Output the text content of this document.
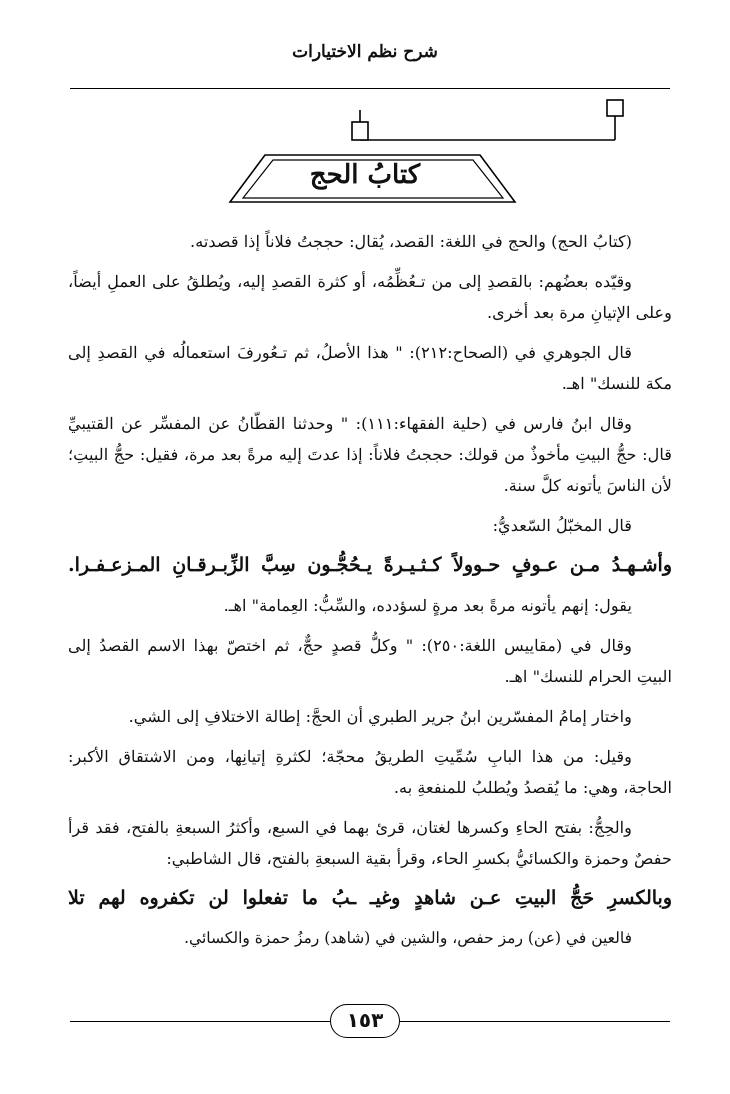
شرح نظم الاختيارات
كتابُ الحج

(كتابُ الحج) والحج في اللغة: القصد، يُقال: حججتُ فلاناً إذا قصدته.

وقيّده بعضُهم: بالقصدِ إلى من تـعُظِّمُه، أو كثرة القصدِ إليه، ويُطلقُ على العملِ أيضاً، وعلى الإتيانِ مرة بعد أخرى.

قال الجوهري في (الصحاح:٢١٢): " هذا الأصلُ، ثم تـعُورفَ استعمالُه في القصدِ إلى مكة للنسك" اهـ.

وقال ابنُ فارس في (حلية الفقهاء:١١١): " وحدثنا القطّانُ عن المفسِّر عن القتيبيِّ قال: حجُّ البيتِ مأخوذٌ من قولك: حججتُ فلاناً: إذا عدتَ إليه مرةً بعد مرة، فقيل: حجُّ البيتِ؛ لأن الناسَ يأتونه كلَّ سنة.

قال المخبّلُ السّعديُّ:

وأشـهـدُ مـن عـوفٍ حـوولاً كـثـيـرةً يـحُجُّـون سِبَّ الزِّبـرقـانِ المـزعـفـرا.

يقول: إنهم يأتونه مرةً بعد مرةٍ لسؤدده، والسِّبُّ: العِمامة" اهـ.

وقال في (مقاييس اللغة:٢٥٠): " وكلُّ قصدٍ حجٌّ، ثم اختصّ بهذا الاسم القصدُ إلى البيتِ الحرام للنسك" اهـ.

واختار إمامُ المفسّرين ابنُ جرير الطبري أن الحجَّ: إطالة الاختلافِ إلى الشي.

وقيل: من هذا البابِ سُمِّيتِ الطريقُ محجّة؛ لكثرةِ إتيانِها، ومن الاشتقاق الأكبر: الحاجة، وهي: ما يُقصدُ ويُطلبُ للمنفعةِ به.

والحِجُّ: بفتح الحاءِ وكسرها لغتان، قرئ بهما في السبع، وأكثرُ السبعةِ بالفتح، فقد قرأ حفصٌ وحمزة والكسائيُّ بكسرِ الحاء، وقرأ بقية السبعةِ بالفتح، قال الشاطبي:

وبالكسرِ حَجُّ البيتِ عـن شاهدٍ وغيـ ـبُ ما تفعلوا لن تكفروه لهم تلا

فالعين في (عن) رمز حفص، والشين في (شاهد) رمزُ حمزة والكسائي.

١٥٣
